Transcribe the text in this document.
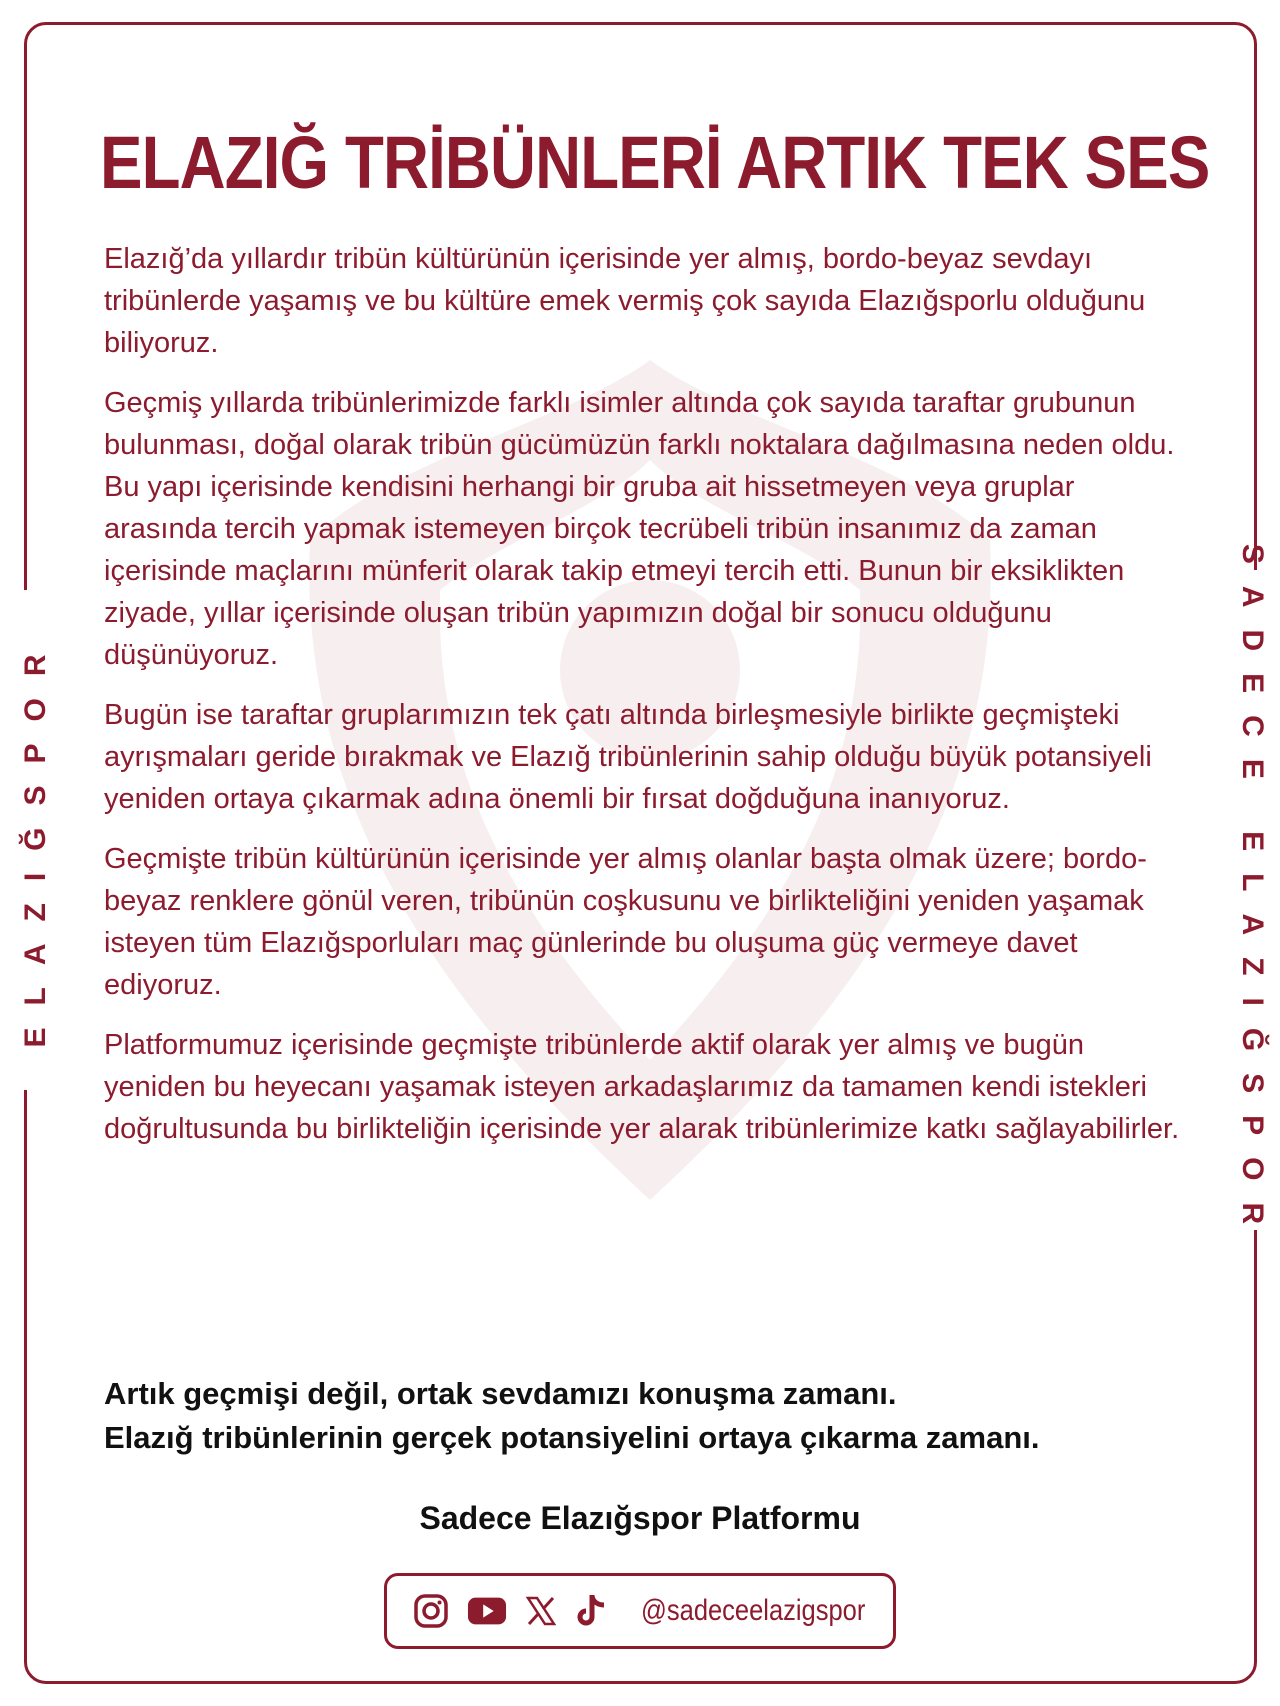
ELAZIĞSPOR	SADECE ELAZIĞSPOR
ELAZIĞ TRİBÜNLERİ ARTIK TEK SES

Elazığ’da yıllardır tribün kültürünün içerisinde yer almış, bordo-beyaz sevdayı tribünlerde yaşamış ve bu kültüre emek vermiş çok sayıda Elazığsporlu olduğunu biliyoruz.

Geçmiş yıllarda tribünlerimizde farklı isimler altında çok sayıda taraftar grubunun bulunması, doğal olarak tribün gücümüzün farklı noktalara dağılmasına neden oldu. Bu yapı içerisinde kendisini herhangi bir gruba ait hissetmeyen veya gruplar arasında tercih yapmak istemeyen birçok tecrübeli tribün insanımız da zaman içerisinde maçlarını münferit olarak takip etmeyi tercih etti. Bunun bir eksiklikten ziyade, yıllar içerisinde oluşan tribün yapımızın doğal bir sonucu olduğunu düşünüyoruz.

Bugün ise taraftar gruplarımızın tek çatı altında birleşmesiyle birlikte geçmişteki ayrışmaları geride bırakmak ve Elazığ tribünlerinin sahip olduğu büyük potansiyeli yeniden ortaya çıkarmak adına önemli bir fırsat doğduğuna inanıyoruz.

Geçmişte tribün kültürünün içerisinde yer almış olanlar başta olmak üzere; bordo-beyaz renklere gönül veren, tribünün coşkusunu ve birlikteliğini yeniden yaşamak isteyen tüm Elazığsporluları maç günlerinde bu oluşuma güç vermeye davet ediyoruz.

Platformumuz içerisinde geçmişte tribünlerde aktif olarak yer almış ve bugün yeniden bu heyecanı yaşamak isteyen arkadaşlarımız da tamamen kendi istekleri doğrultusunda bu birlikteliğin içerisinde yer alarak tribünlerimize katkı sağlayabilirler.

Artık geçmişi değil, ortak sevdamızı konuşma zamanı.

Elazığ tribünlerinin gerçek potansiyelini ortaya çıkarma zamanı.

Sadece Elazığspor Platformu

@sadeceelazigspor
